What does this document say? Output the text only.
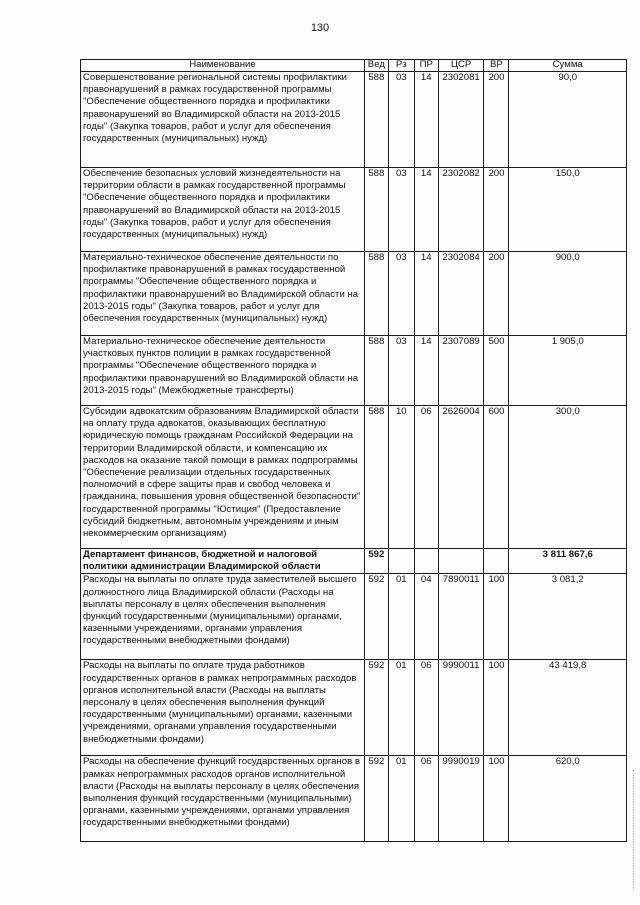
130
Наименование	Вед	Рз	ПР	ЦСР	ВР	Сумма
Совершенствование региональной системы профилактики правонарушений в рамках государственной программы "Обеспечение общественного порядка и профилактики правонарушений во Владимирской области на 2013-2015 годы" (Закупка товаров, работ и услуг для обеспечения государственных (муниципальных) нужд)	588	03	14	2302081	200	90,0
Обеспечение безопасных условий жизнедеятельности на территории области в рамках государственной программы "Обеспечение общественного порядка и профилактики правонарушений во Владимирской области на 2013-2015 годы" (Закупка товаров, работ и услуг для обеспечения государственных (муниципальных) нужд)	588	03	14	2302082	200	150,0
Материально-техническое обеспечение деятельности по профилактике правонарушений в рамках государственной программы "Обеспечение общественного порядка и профилактики правонарушений во Владимирской области на 2013-2015 годы" (Закупка товаров, работ и услуг для обеспечения государственных (муниципальных) нужд)	588	03	14	2302084	200	900,0
Материально-техническое обеспечение деятельности участковых пунктов полиции в рамках государственной программы "Обеспечение общественного порядка и профилактики правонарушений во Владимирской области на 2013-2015 годы" (Межбюджетные трансферты)	588	03	14	2307089	500	1 905,0
Субсидии адвокатским образованиям Владимирской области на оплату труда адвокатов, оказывающих бесплатную юридическую помощь гражданам Российской Федерации на территории Владимирской области, и компенсацию их расходов на оказание такой помощи в рамках подпрограммы "Обеспечение реализации отдельных государственных полномочий в сфере защиты прав и свобод человека и гражданина, повышения уровня общественной безопасности" государственной программы "Юстиция" (Предоставление субсидий бюджетным, автономным учреждениям и иным некоммерческим организациям)	588	10	06	2626004	600	300,0
Департамент финансов, бюджетной и налоговой политики администрации Владимирской области	592					3 811 867,6
Расходы на выплаты по оплате труда заместителей высшего должностного лица Владимирской области (Расходы на выплаты персоналу в целях обеспечения выполнения функций государственными (муниципальными) органами, казенными учреждениями, органами управления государственными внебюджетными фондами)	592	01	04	7890011	100	3 081,2
Расходы на выплаты по оплате труда работников государственных органов в рамках непрограммных расходов органов исполнительной власти (Расходы на выплаты персоналу в целях обеспечения выполнения функций государственными (муниципальными) органами, казенными учреждениями, органами управления государственными внебюджетными фондами)	592	01	06	9990011	100	43 419,8
Расходы на обеспечение функций государственных органов в рамках непрограммных расходов органов исполнительной власти (Расходы на выплаты персоналу в целях обеспечения выполнения функций государственными (муниципальными) органами, казенными учреждениями, органами управления государственными внебюджетными фондами)	592	01	06	9990019	100	620,0
